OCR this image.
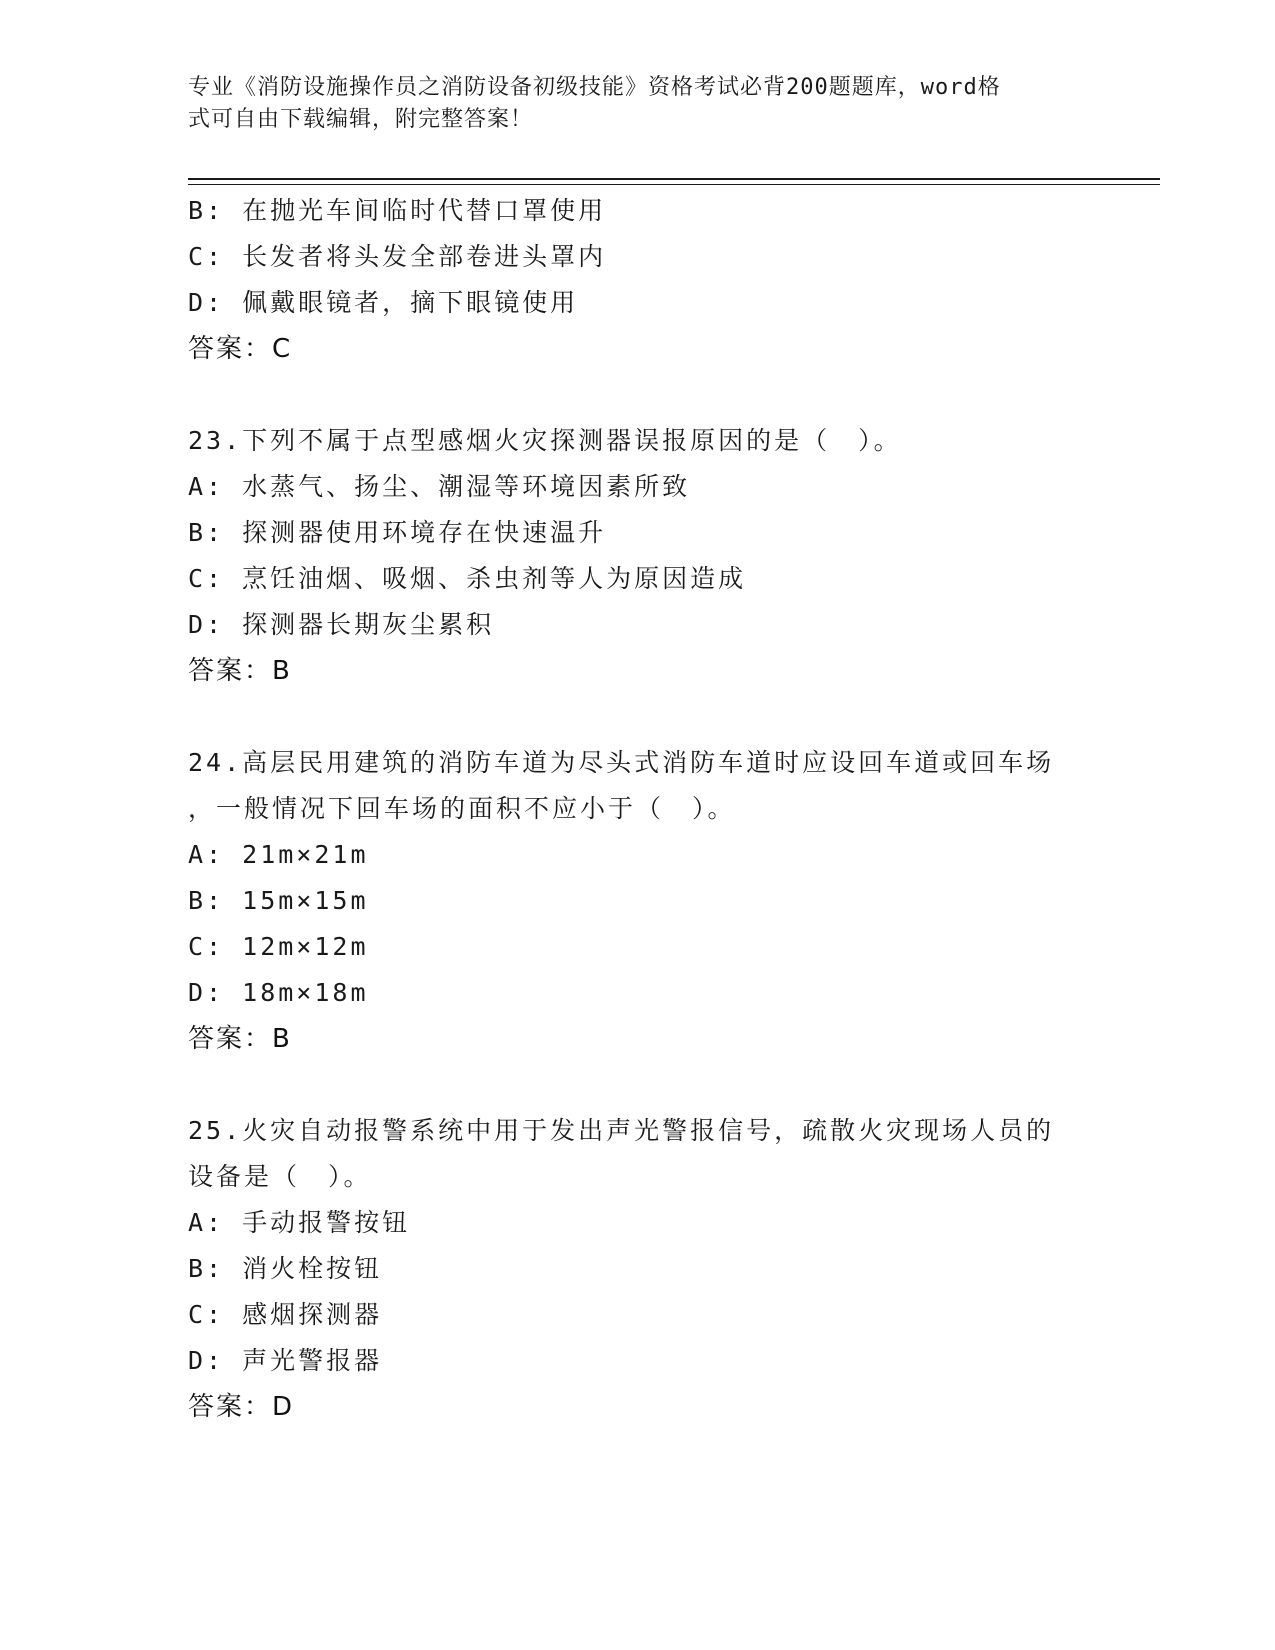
专业《消防设施操作员之消防设备初级技能》资格考试必背200题题库，word格
式可自由下载编辑，附完整答案！
B: 在抛光车间临时代替口罩使用
C: 长发者将头发全部卷进头罩内
D: 佩戴眼镜者，摘下眼镜使用
答案：C
23.下列不属于点型感烟火灾探测器误报原因的是（　）。
A: 水蒸气、扬尘、潮湿等环境因素所致
B: 探测器使用环境存在快速温升
C: 烹饪油烟、吸烟、杀虫剂等人为原因造成
D: 探测器长期灰尘累积
答案：B
24.高层民用建筑的消防车道为尽头式消防车道时应设回车道或回车场
，一般情况下回车场的面积不应小于（　）。
A: 21m×21m
B: 15m×15m
C: 12m×12m
D: 18m×18m
答案：B
25.火灾自动报警系统中用于发出声光警报信号，疏散火灾现场人员的
设备是（　）。
A: 手动报警按钮
B: 消火栓按钮
C: 感烟探测器
D: 声光警报器
答案：D
